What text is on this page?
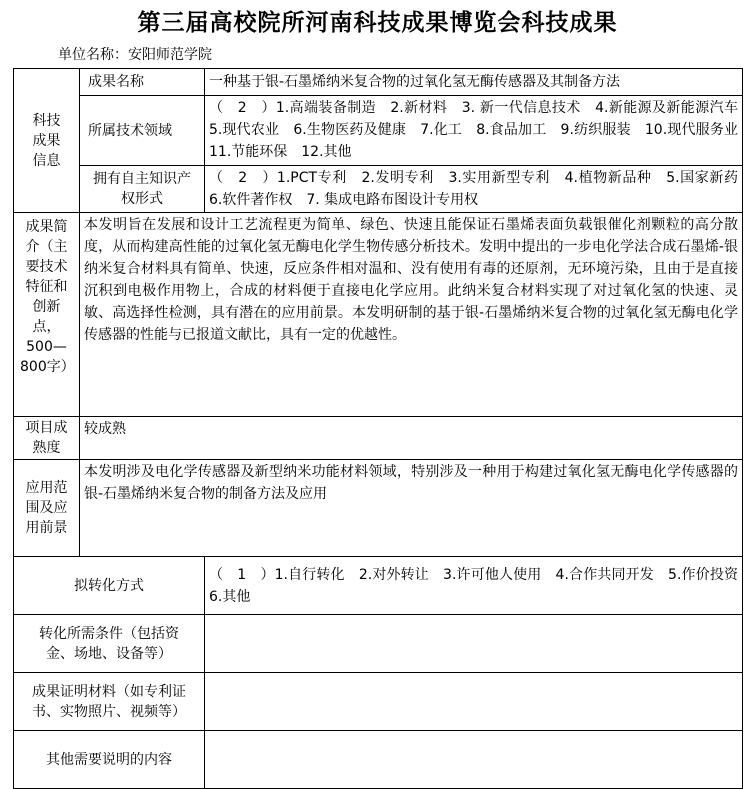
第三届高校院所河南科技成果博览会科技成果
单位名称：安阳师范学院
科技成果信息	成果名称	一种基于银-石墨烯纳米复合物的过氧化氢无酶传感器及其制备方法
	所属技术领域	（　2　）1.高端装备制造　2.新材料　3. 新一代信息技术　4.新能源及新能源汽车　5.现代农业　6.生物医药及健康　7.化工　8.食品加工　9.纺织服装　10.现代服务业　11.节能环保　12.其他
	拥有自主知识产权形式	（　2　）1.PCT专利　2.发明专利　3.实用新型专利　4.植物新品种　5.国家新药　6.软件著作权　7. 集成电路布图设计专用权
成果简介（主要技术特征和创新点，500—800字）	本发明旨在发展和设计工艺流程更为简单、绿色、快速且能保证石墨烯表面负载银催化剂颗粒的高分散度，从而构建高性能的过氧化氢无酶电化学生物传感分析技术。发明中提出的一步电化学法合成石墨烯-银纳米复合材料具有简单、快速，反应条件相对温和、没有使用有毒的还原剂，无环境污染，且由于是直接沉积到电极作用物上，合成的材料便于直接电化学应用。此纳米复合材料实现了对过氧化氢的快速、灵敏、高选择性检测，具有潜在的应用前景。本发明研制的基于银-石墨烯纳米复合物的过氧化氢无酶电化学传感器的性能与已报道文献比，具有一定的优越性。	
项目成熟度	较成熟	
应用范围及应用前景	本发明涉及电化学传感器及新型纳米功能材料领域，特别涉及一种用于构建过氧化氢无酶电化学传感器的银-石墨烯纳米复合物的制备方法及应用	
拟转化方式		（　1　）1.自行转化　2.对外转让　3.许可他人使用　4.合作共同开发　5.作价投资　6.其他
转化所需条件（包括资金、场地、设备等）		
成果证明材料（如专利证书、实物照片、视频等）		
其他需要说明的内容		
